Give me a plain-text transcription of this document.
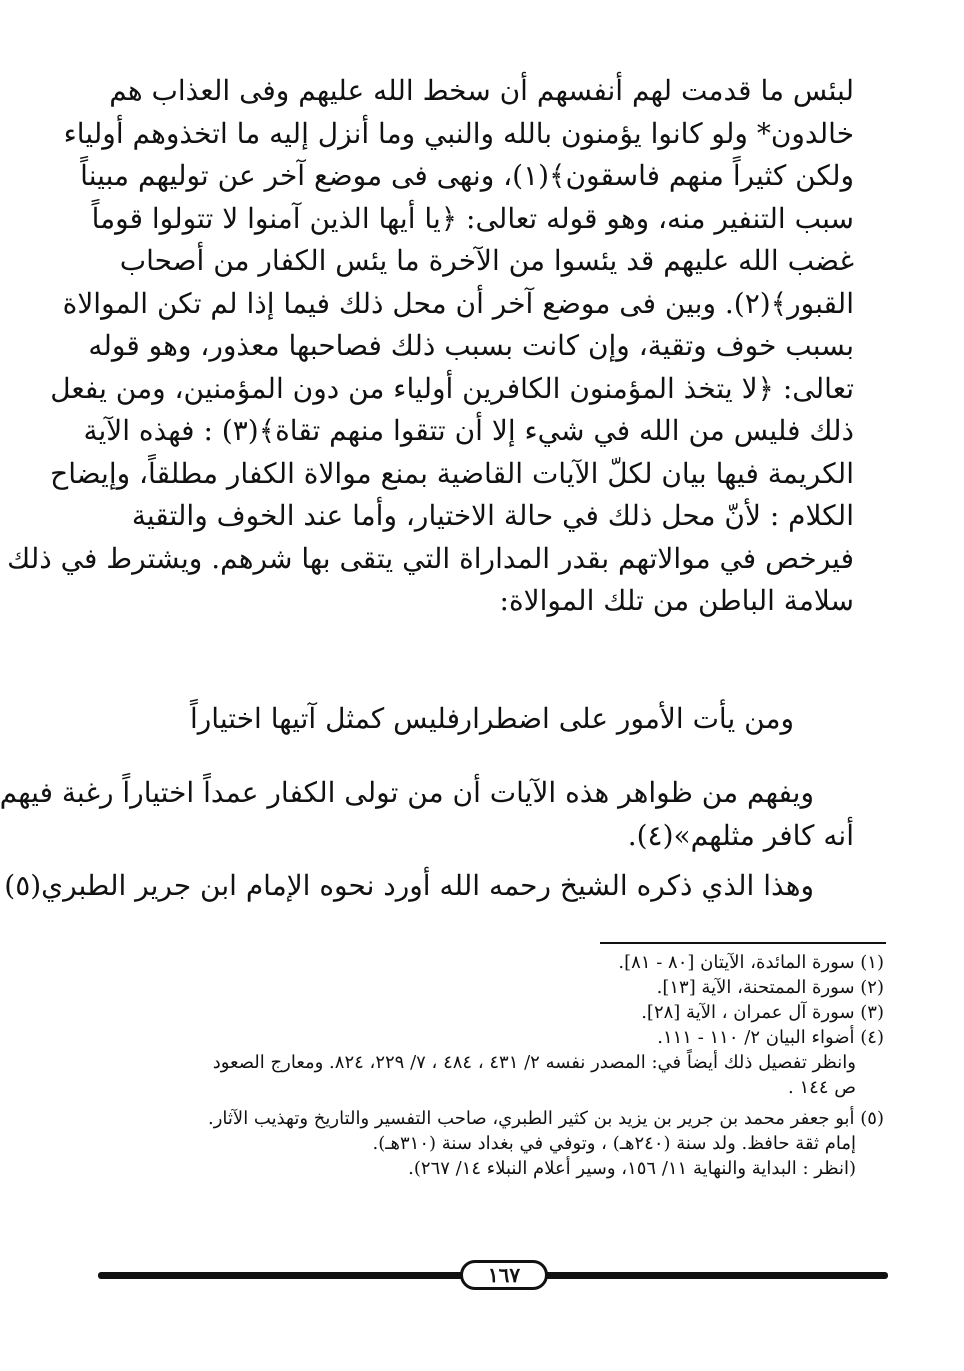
لبئس ما قدمت لهم أنفسهم أن سخط الله عليهم وفى العذاب هم
خالدون* ولو كانوا يؤمنون بالله والنبي وما أنزل إليه ما اتخذوهم أولياء
ولكن كثيراً منهم فاسقون﴾(١)، ونهى فى موضع آخر عن توليهم مبيناً
سبب التنفير منه، وهو قوله تعالى: ﴿يا أيها الذين آمنوا لا تتولوا قوماً
غضب الله عليهم قد يئسوا من الآخرة ما يئس الكفار من أصحاب
القبور﴾(٢). وبين فى موضع آخر أن محل ذلك فيما إذا لم تكن الموالاة
بسبب خوف وتقية، وإن كانت بسبب ذلك فصاحبها معذور، وهو قوله
تعالى: ﴿لا يتخذ المؤمنون الكافرين أولياء من دون المؤمنين، ومن يفعل
ذلك فليس من الله في شيء إلا أن تتقوا منهم تقاة﴾(٣) : فهذه الآية
الكريمة فيها بيان لكلّ الآيات القاضية بمنع موالاة الكفار مطلقاً، وإيضاح
الكلام : لأنّ محل ذلك في حالة الاختيار، وأما عند الخوف والتقية
فيرخص في موالاتهم بقدر المداراة التي يتقى بها شرهم. ويشترط في ذلك
سلامة الباطن من تلك الموالاة:
ومن يأت الأمور على اضطرار
فليس كمثل آتيها اختياراً
ويفهم من ظواهر هذه الآيات أن من تولى الكفار عمداً اختياراً رغبة فيهم
أنه كافر مثلهم»(٤).
وهذا الذي ذكره الشيخ رحمه الله أورد نحوه الإمام ابن جرير الطبري(٥)
(١) سورة المائدة، الآيتان [٨٠ - ٨١].
(٢) سورة الممتحنة، الآية [١٣].
(٣) سورة آل عمران ، الآية [٢٨].
(٤) أضواء البيان ٢/ ١١٠ - ١١١.
وانظر تفصيل ذلك أيضاً في: المصدر نفسه ٢/ ٤٣١ ، ٤٨٤ ، ٧/ ٢٢٩، ٨٢٤. ومعارج الصعود
ص ١٤٤ .
(٥) أبو جعفر محمد بن جرير بن يزيد بن كثير الطبري، صاحب التفسير والتاريخ وتهذيب الآثار.
إمام ثقة حافظ. ولد سنة (٢٤٠هـ) ، وتوفي في بغداد سنة (٣١٠هـ).
(انظر : البداية والنهاية ١١/ ١٥٦، وسير أعلام النبلاء ١٤/ ٢٦٧).
١٦٧
